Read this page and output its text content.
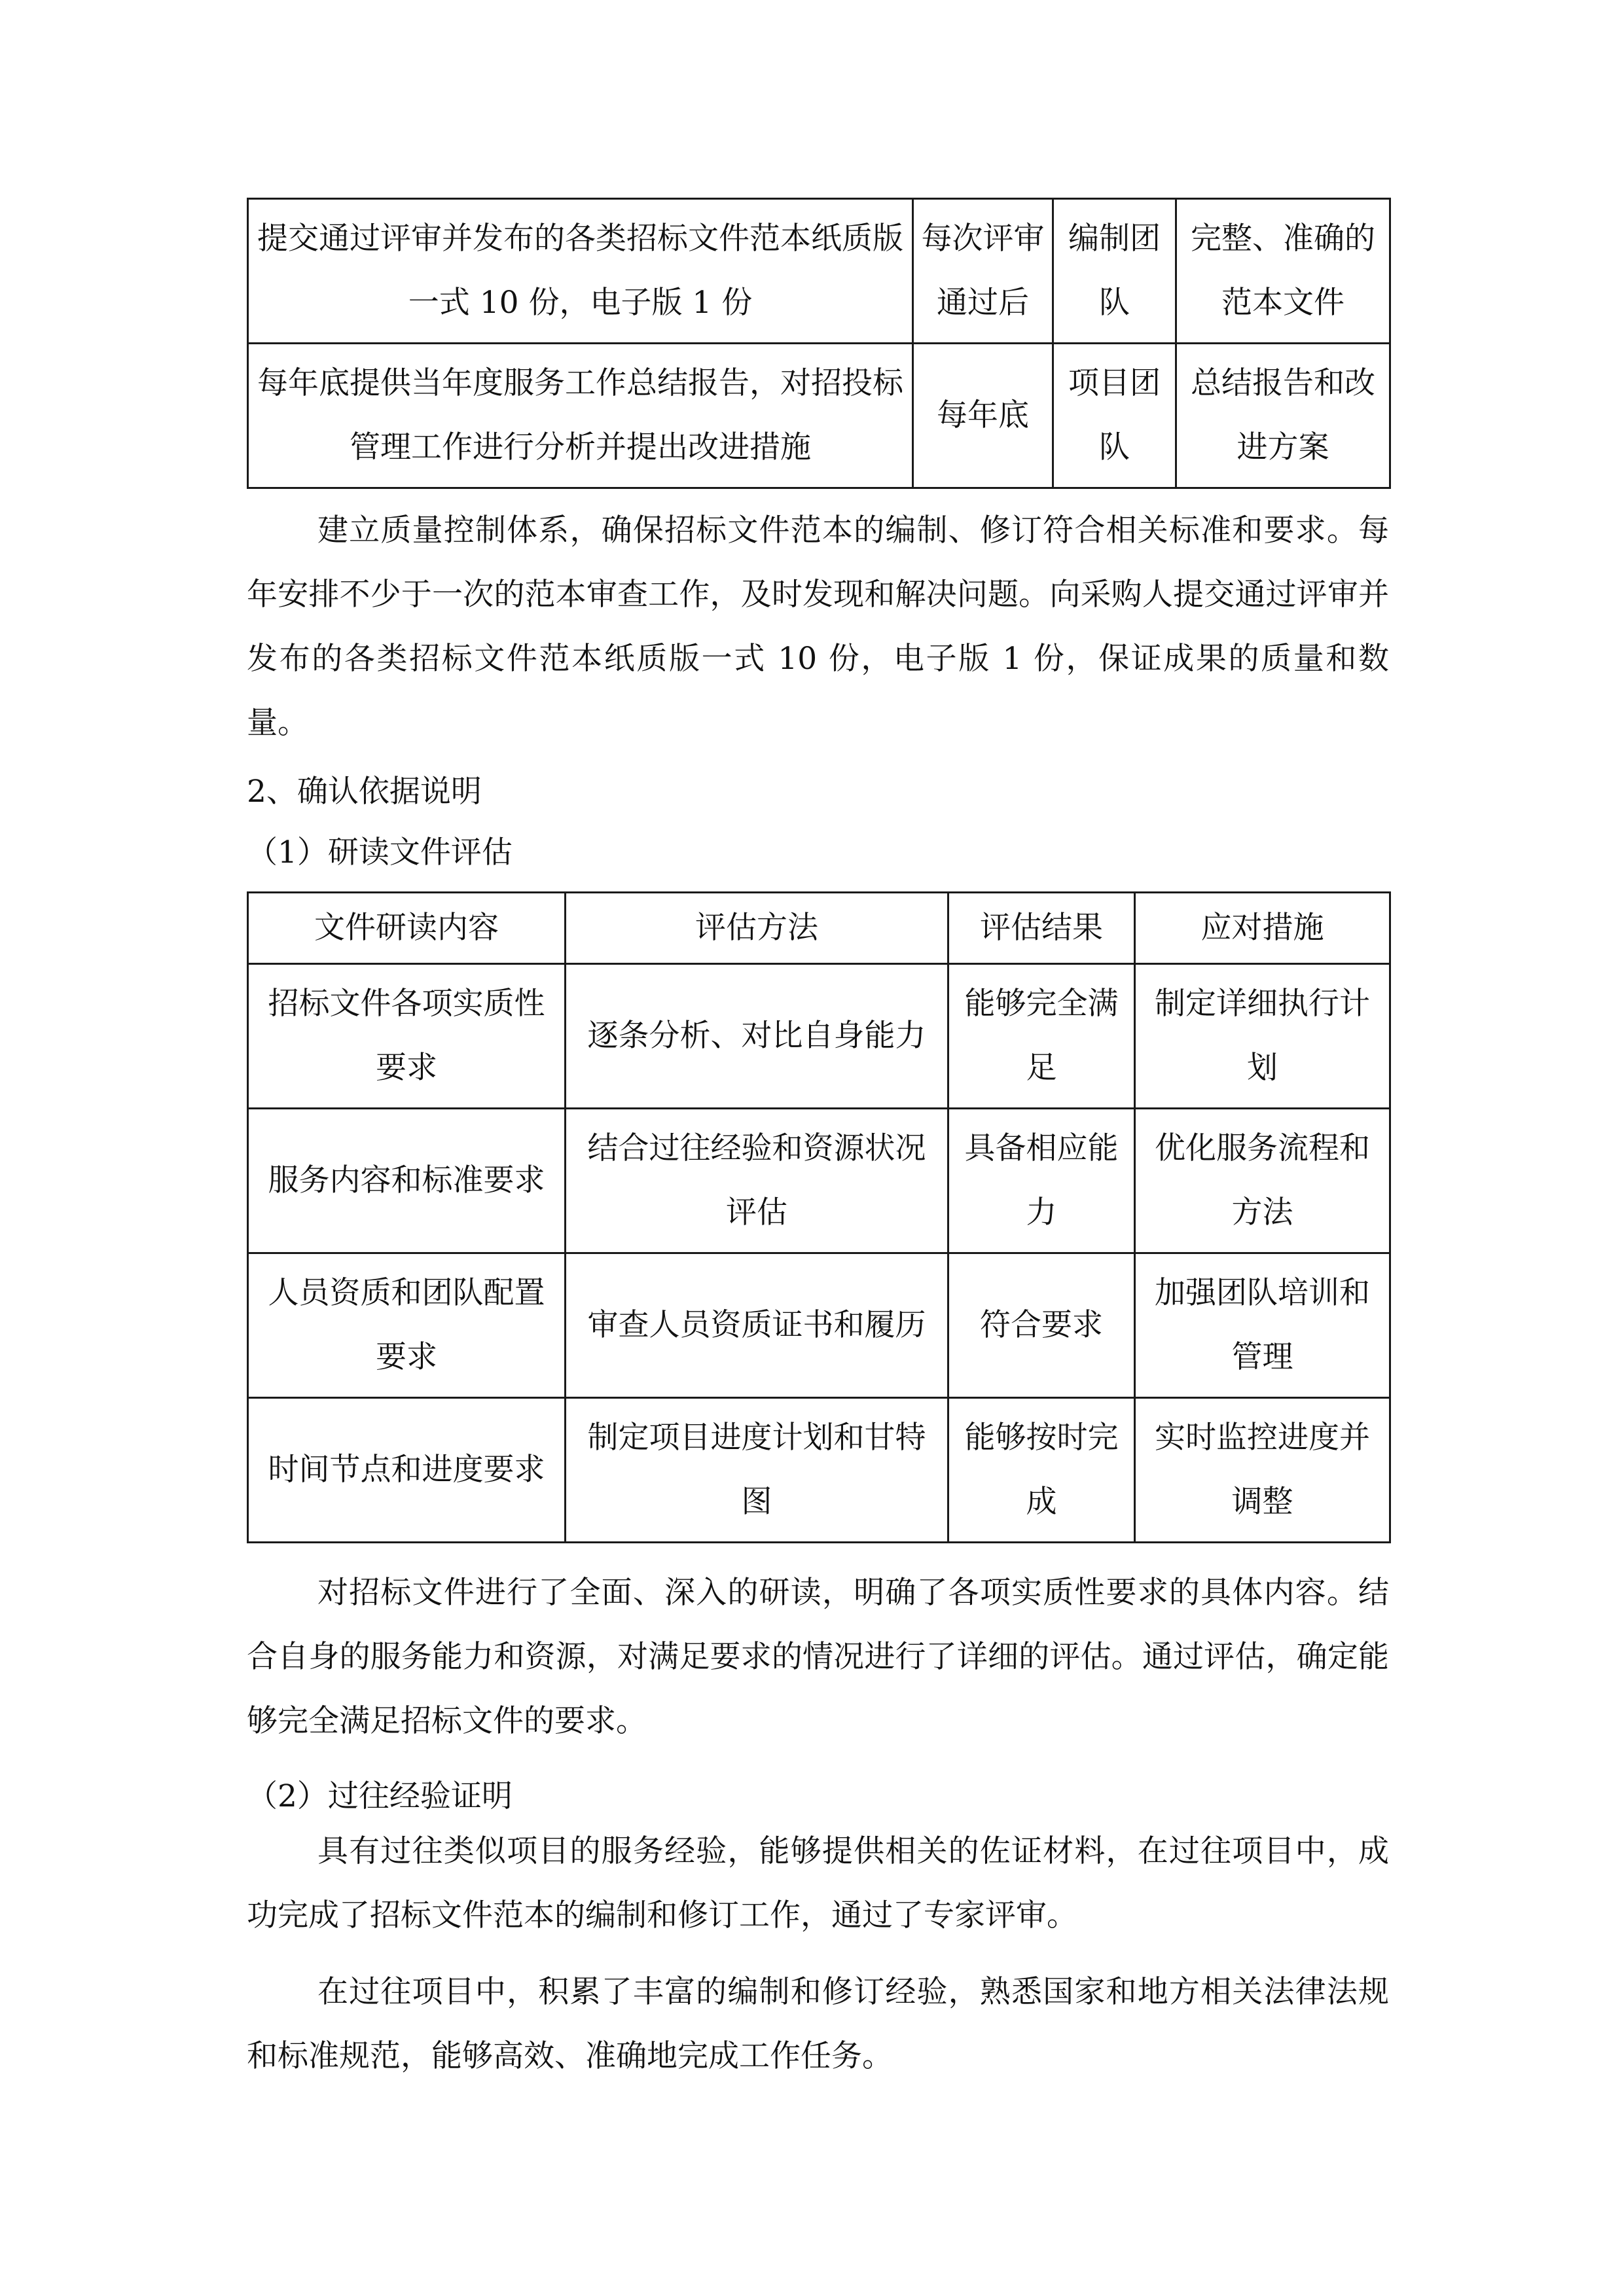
提交通过评审并发布的各类招标文件范本纸质版一式 10 份，电子版 1 份	每次评审通过后	编制团队	完整、准确的范本文件
每年底提供当年度服务工作总结报告，对招投标管理工作进行分析并提出改进措施	每年底	项目团队	总结报告和改进方案

建立质量控制体系，确保招标文件范本的编制、修订符合相关标准和要求。每年安排不少于一次的范本审查工作，及时发现和解决问题。向采购人提交通过评审并发布的各类招标文件范本纸质版一式 10 份，电子版 1 份，保证成果的质量和数量。

2、确认依据说明
（1）研读文件评估
文件研读内容	评估方法	评估结果	应对措施
招标文件各项实质性要求	逐条分析、对比自身能力	能够完全满足	制定详细执行计划
服务内容和标准要求	结合过往经验和资源状况评估	具备相应能力	优化服务流程和方法
人员资质和团队配置要求	审查人员资质证书和履历	符合要求	加强团队培训和管理
时间节点和进度要求	制定项目进度计划和甘特图	能够按时完成	实时监控进度并调整

对招标文件进行了全面、深入的研读，明确了各项实质性要求的具体内容。结合自身的服务能力和资源，对满足要求的情况进行了详细的评估。通过评估，确定能够完全满足招标文件的要求。

（2）过往经验证明

具有过往类似项目的服务经验，能够提供相关的佐证材料，在过往项目中，成功完成了招标文件范本的编制和修订工作，通过了专家评审。

在过往项目中，积累了丰富的编制和修订经验，熟悉国家和地方相关法律法规和标准规范，能够高效、准确地完成工作任务。
